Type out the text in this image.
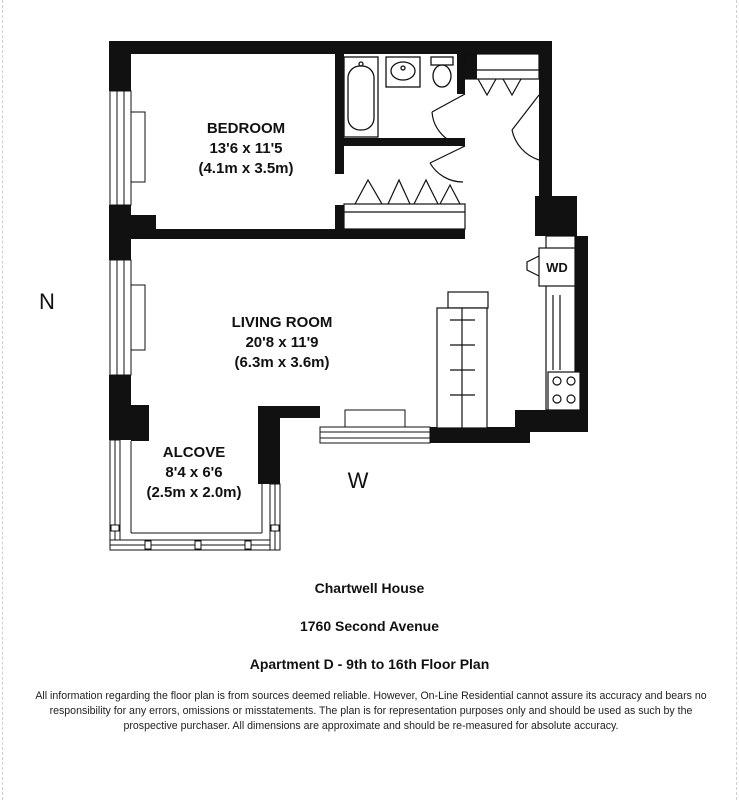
WD
BEDROOM
13'6 x 11'5
(4.1m x 3.5m)
LIVING ROOM
20'8 x 11'9
(6.3m x 3.6m)
ALCOVE
8'4 x 6'6
(2.5m x 2.0m)
N
W
Chartwell House
1760 Second Avenue
Apartment D - 9th to 16th Floor Plan
All information regarding the floor plan is from sources deemed reliable. However, On-Line Residential cannot assure its accuracy and bears no responsibility for any errors, omissions or misstatements. The plan is for representation purposes only and should be used as such by the prospective purchaser. All dimensions are approximate and should be re-measured for absolute accuracy.
